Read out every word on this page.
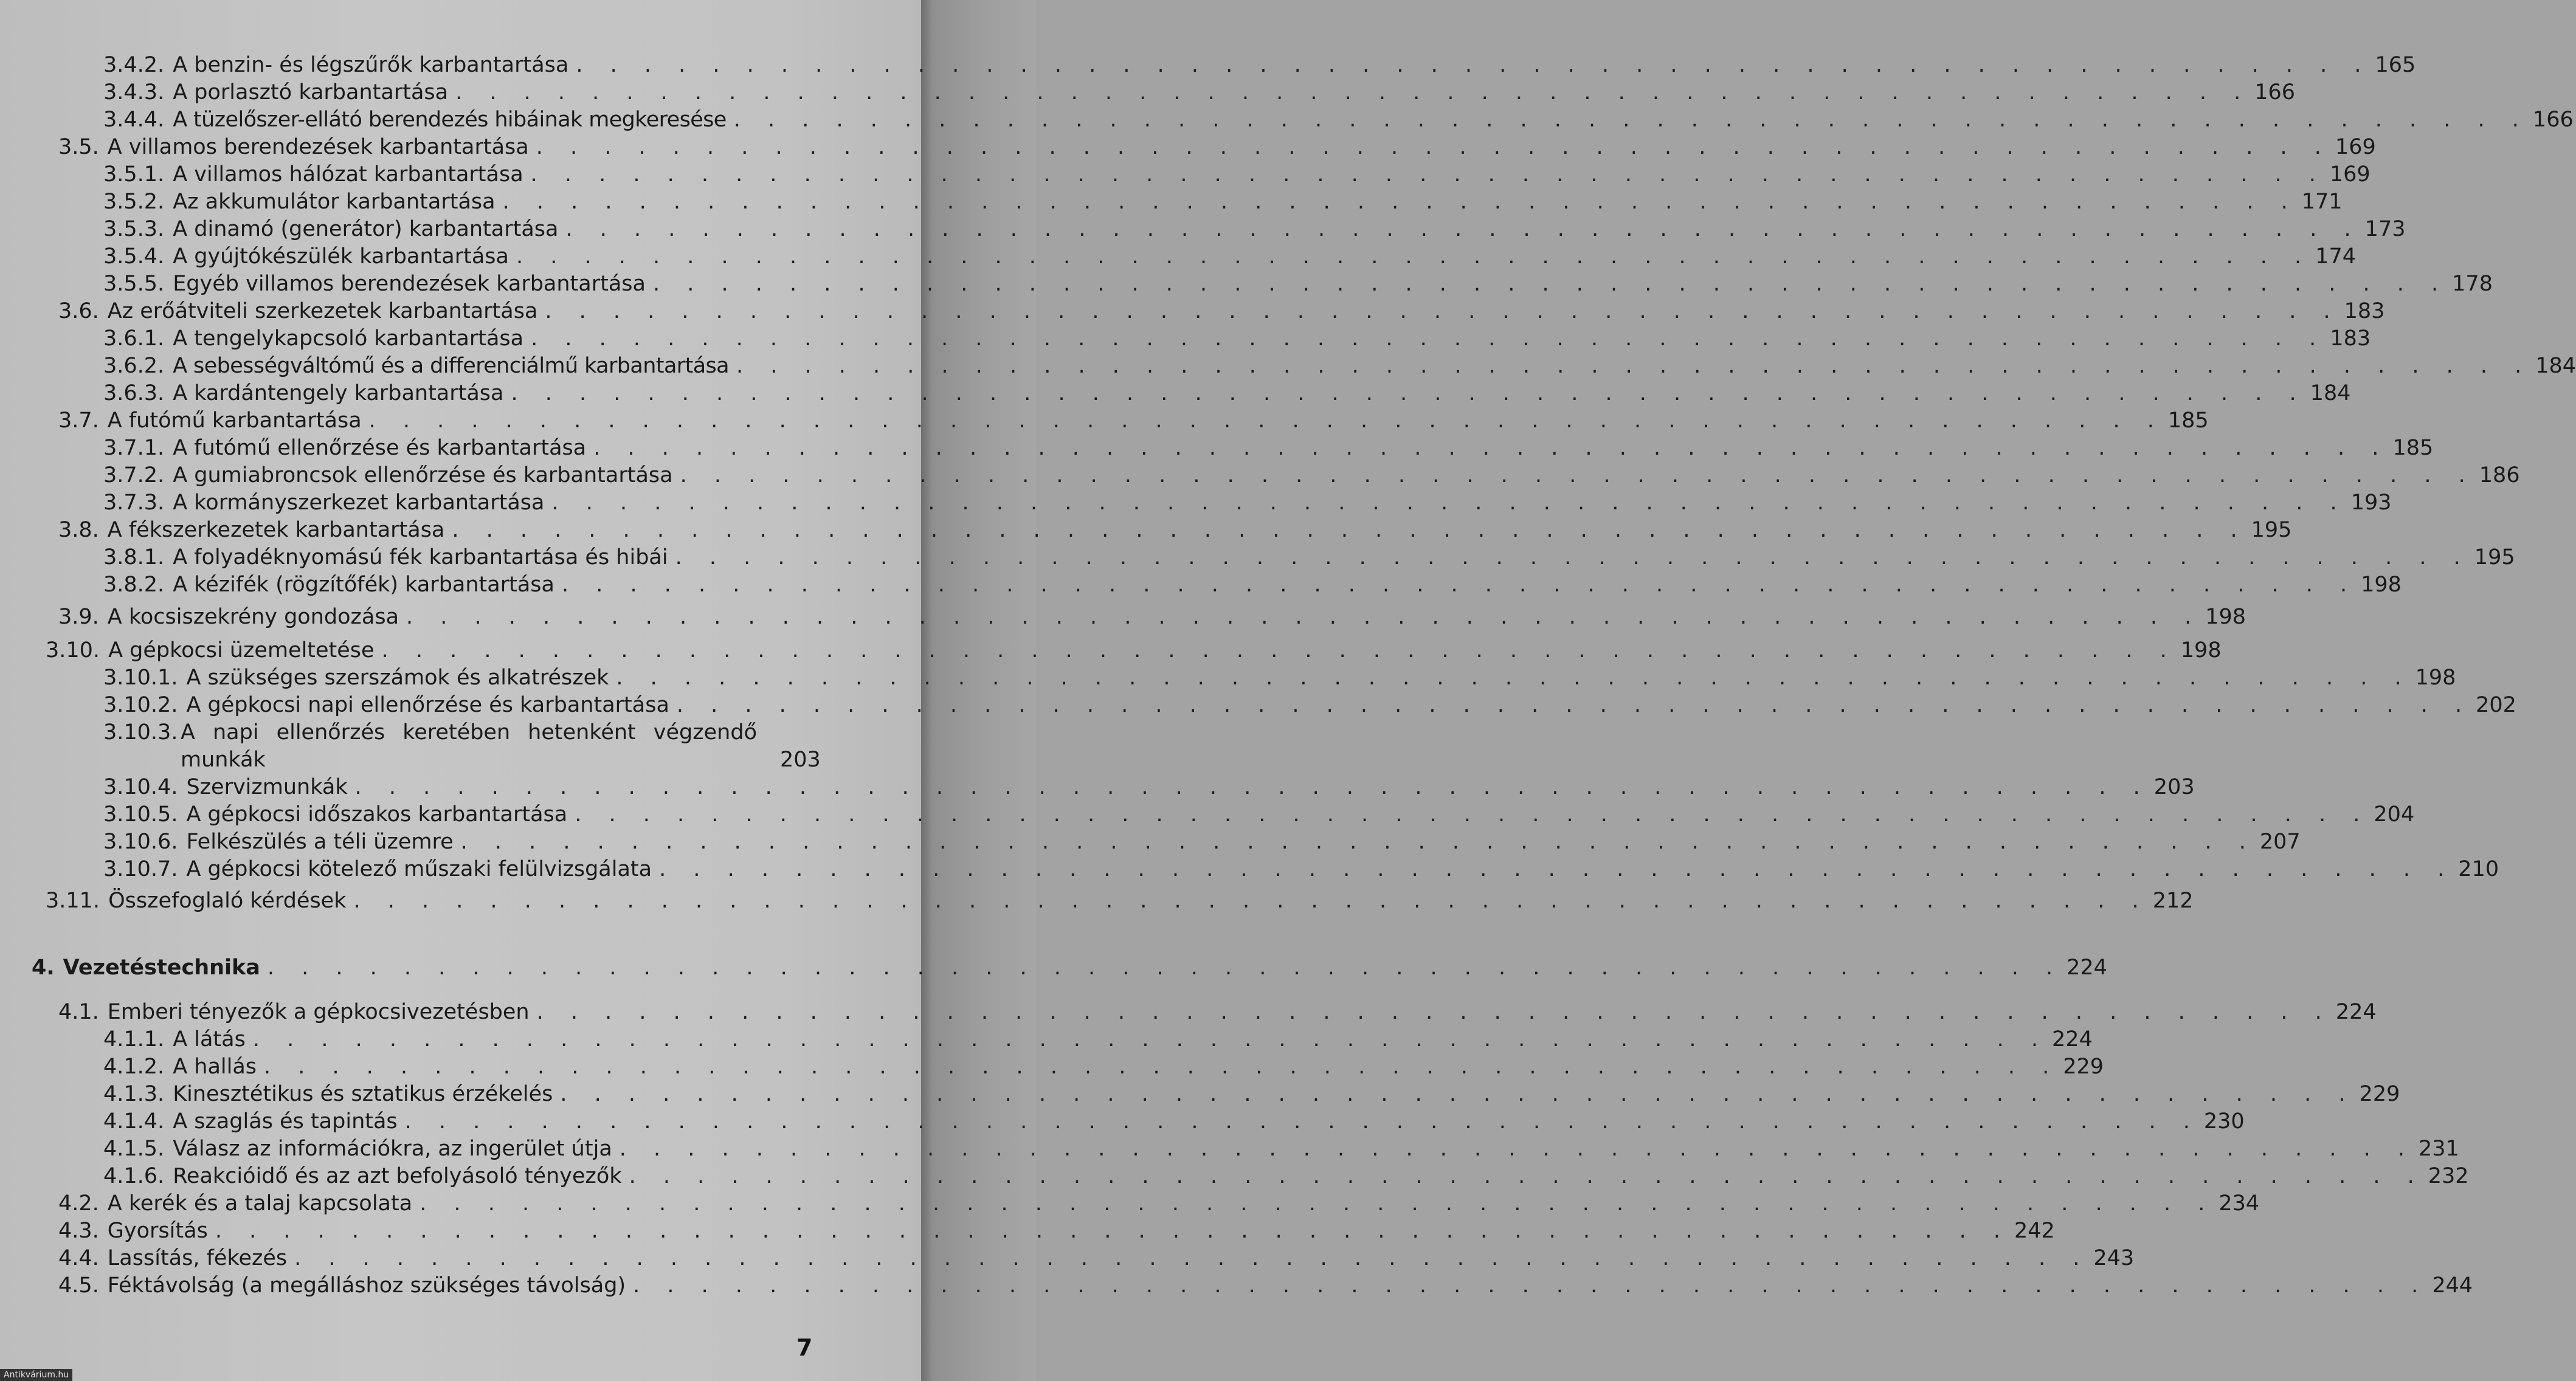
3.4.2. A benzin- és légszűrők karbantartása . . . . . . . . . . . . . . . . . . . . . . . . . . . . . . . . . . . . . . . . . . . . . . . . . . . . . 165
3.4.3. A porlasztó karbantartása . . . . . . . . . . . . . . . . . . . . . . . . . . . . . . . . . . . . . . . . . . . . . . . . . . . . . 166
3.4.4. A tüzelőszer-ellátó berendezés hibáinak megkeresése . . . . . . . . . . . . . . . . . . . . . . . . . . . . . . . . . . . . . . . . . . . . . . . . . . . . . 166
3.5. A villamos berendezések karbantartása . . . . . . . . . . . . . . . . . . . . . . . . . . . . . . . . . . . . . . . . . . . . . . . . . . . . . 169
3.5.1. A villamos hálózat karbantartása . . . . . . . . . . . . . . . . . . . . . . . . . . . . . . . . . . . . . . . . . . . . . . . . . . . . . 169
3.5.2. Az akkumulátor karbantartása . . . . . . . . . . . . . . . . . . . . . . . . . . . . . . . . . . . . . . . . . . . . . . . . . . . . . 171
3.5.3. A dinamó (generátor) karbantartása . . . . . . . . . . . . . . . . . . . . . . . . . . . . . . . . . . . . . . . . . . . . . . . . . . . . . 173
3.5.4. A gyújtókészülék karbantartása . . . . . . . . . . . . . . . . . . . . . . . . . . . . . . . . . . . . . . . . . . . . . . . . . . . . . 174
3.5.5. Egyéb villamos berendezések karbantartása . . . . . . . . . . . . . . . . . . . . . . . . . . . . . . . . . . . . . . . . . . . . . . . . . . . . . 178
3.6. Az erőátviteli szerkezetek karbantartása . . . . . . . . . . . . . . . . . . . . . . . . . . . . . . . . . . . . . . . . . . . . . . . . . . . . . 183
3.6.1. A tengelykapcsoló karbantartása . . . . . . . . . . . . . . . . . . . . . . . . . . . . . . . . . . . . . . . . . . . . . . . . . . . . . 183
3.6.2. A sebességváltómű és a differenciálmű karbantartása . . . . . . . . . . . . . . . . . . . . . . . . . . . . . . . . . . . . . . . . . . . . . . . . . . . . . 184
3.6.3. A kardántengely karbantartása . . . . . . . . . . . . . . . . . . . . . . . . . . . . . . . . . . . . . . . . . . . . . . . . . . . . . 184
3.7. A futómű karbantartása . . . . . . . . . . . . . . . . . . . . . . . . . . . . . . . . . . . . . . . . . . . . . . . . . . . . . 185
3.7.1. A futómű ellenőrzése és karbantartása . . . . . . . . . . . . . . . . . . . . . . . . . . . . . . . . . . . . . . . . . . . . . . . . . . . . . 185
3.7.2. A gumiabroncsok ellenőrzése és karbantartása . . . . . . . . . . . . . . . . . . . . . . . . . . . . . . . . . . . . . . . . . . . . . . . . . . . . . 186
3.7.3. A kormányszerkezet karbantartása . . . . . . . . . . . . . . . . . . . . . . . . . . . . . . . . . . . . . . . . . . . . . . . . . . . . . 193
3.8. A fékszerkezetek karbantartása . . . . . . . . . . . . . . . . . . . . . . . . . . . . . . . . . . . . . . . . . . . . . . . . . . . . . 195
3.8.1. A folyadéknyomású fék karbantartása és hibái . . . . . . . . . . . . . . . . . . . . . . . . . . . . . . . . . . . . . . . . . . . . . . . . . . . . . 195
3.8.2. A kézifék (rögzítőfék) karbantartása . . . . . . . . . . . . . . . . . . . . . . . . . . . . . . . . . . . . . . . . . . . . . . . . . . . . . 198
3.9. A kocsiszekrény gondozása . . . . . . . . . . . . . . . . . . . . . . . . . . . . . . . . . . . . . . . . . . . . . . . . . . . . . 198
3.10. A gépkocsi üzemeltetése . . . . . . . . . . . . . . . . . . . . . . . . . . . . . . . . . . . . . . . . . . . . . . . . . . . . . 198
3.10.1. A szükséges szerszámok és alkatrészek . . . . . . . . . . . . . . . . . . . . . . . . . . . . . . . . . . . . . . . . . . . . . . . . . . . . . 198
3.10.2. A gépkocsi napi ellenőrzése és karbantartása . . . . . . . . . . . . . . . . . . . . . . . . . . . . . . . . . . . . . . . . . . . . . . . . . . . . . 202
3.10.3. A napi ellenőrzés keretében hetenként végzendő
munkák	203
3.10.4. Szervizmunkák . . . . . . . . . . . . . . . . . . . . . . . . . . . . . . . . . . . . . . . . . . . . . . . . . . . . . 203
3.10.5. A gépkocsi időszakos karbantartása . . . . . . . . . . . . . . . . . . . . . . . . . . . . . . . . . . . . . . . . . . . . . . . . . . . . . 204
3.10.6. Felkészülés a téli üzemre . . . . . . . . . . . . . . . . . . . . . . . . . . . . . . . . . . . . . . . . . . . . . . . . . . . . . 207
3.10.7. A gépkocsi kötelező műszaki felülvizsgálata . . . . . . . . . . . . . . . . . . . . . . . . . . . . . . . . . . . . . . . . . . . . . . . . . . . . . 210
3.11. Összefoglaló kérdések . . . . . . . . . . . . . . . . . . . . . . . . . . . . . . . . . . . . . . . . . . . . . . . . . . . . . 212
4. Vezetéstechnika . . . . . . . . . . . . . . . . . . . . . . . . . . . . . . . . . . . . . . . . . . . . . . . . . . . . . 224
4.1. Emberi tényezők a gépkocsivezetésben . . . . . . . . . . . . . . . . . . . . . . . . . . . . . . . . . . . . . . . . . . . . . . . . . . . . . 224
4.1.1. A látás . . . . . . . . . . . . . . . . . . . . . . . . . . . . . . . . . . . . . . . . . . . . . . . . . . . . . 224
4.1.2. A hallás . . . . . . . . . . . . . . . . . . . . . . . . . . . . . . . . . . . . . . . . . . . . . . . . . . . . . 229
4.1.3. Kinesztétikus és sztatikus érzékelés . . . . . . . . . . . . . . . . . . . . . . . . . . . . . . . . . . . . . . . . . . . . . . . . . . . . . 229
4.1.4. A szaglás és tapintás . . . . . . . . . . . . . . . . . . . . . . . . . . . . . . . . . . . . . . . . . . . . . . . . . . . . . 230
4.1.5. Válasz az információkra, az ingerület útja . . . . . . . . . . . . . . . . . . . . . . . . . . . . . . . . . . . . . . . . . . . . . . . . . . . . . 231
4.1.6. Reakcióidő és az azt befolyásoló tényezők . . . . . . . . . . . . . . . . . . . . . . . . . . . . . . . . . . . . . . . . . . . . . . . . . . . . . 232
4.2. A kerék és a talaj kapcsolata . . . . . . . . . . . . . . . . . . . . . . . . . . . . . . . . . . . . . . . . . . . . . . . . . . . . . 234
4.3. Gyorsítás . . . . . . . . . . . . . . . . . . . . . . . . . . . . . . . . . . . . . . . . . . . . . . . . . . . . . 242
4.4. Lassítás, fékezés . . . . . . . . . . . . . . . . . . . . . . . . . . . . . . . . . . . . . . . . . . . . . . . . . . . . . 243
4.5. Féktávolság (a megálláshoz szükséges távolság) . . . . . . . . . . . . . . . . . . . . . . . . . . . . . . . . . . . . . . . . . . . . . . . . . . . . . 244
7
Antikvárium.hu
